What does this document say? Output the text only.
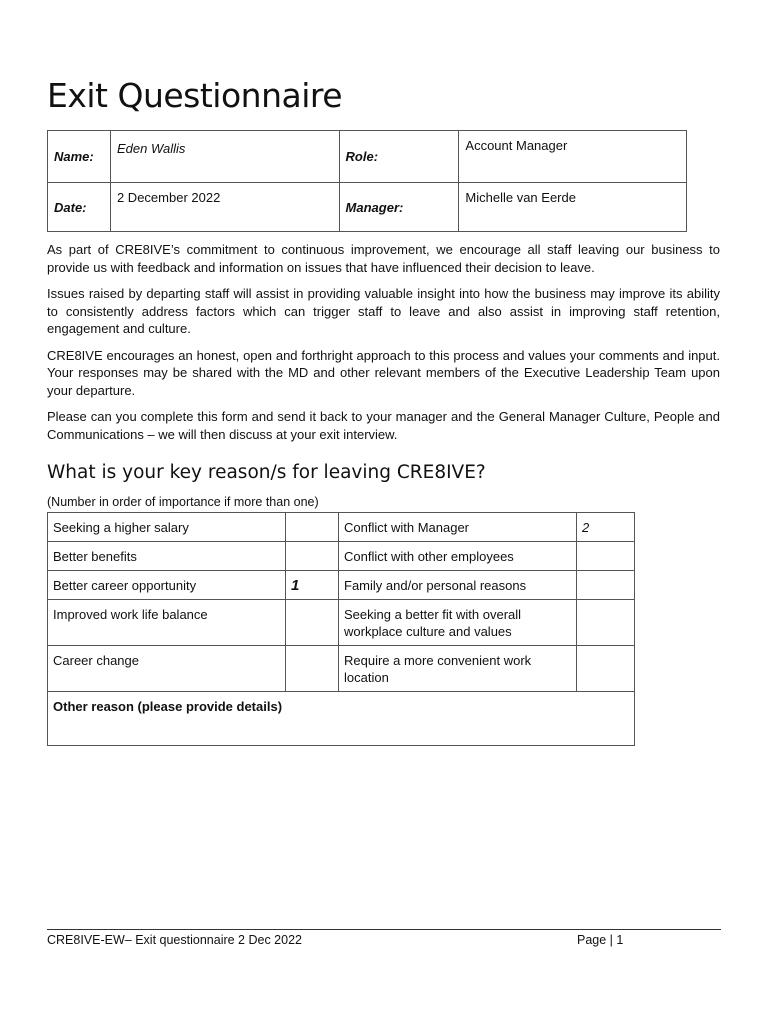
Exit Questionnaire
Name:	Eden Wallis	Role:	Account Manager
Date:	2 December 2022	Manager:	Michelle van Eerde

As part of CRE8IVE’s commitment to continuous improvement, we encourage all staff leaving our business to provide us with feedback and information on issues that have influenced their decision to leave.

Issues raised by departing staff will assist in providing valuable insight into how the business may improve its ability to consistently address factors which can trigger staff to leave and also assist in improving staff retention, engagement and culture.

CRE8IVE encourages an honest, open and forthright approach to this process and values your comments and input. Your responses may be shared with the MD and other relevant members of the Executive Leadership Team upon your departure.

Please can you complete this form and send it back to your manager and the General Manager Culture, People and Communications – we will then discuss at your exit interview.

What is your key reason/s for leaving CRE8IVE?
(Number in order of importance if more than one)
Seeking a higher salary		Conflict with Manager	2
Better benefits		Conflict with other employees	
Better career opportunity	1	Family and/or personal reasons	
Improved work life balance		Seeking a better fit with overall workplace culture and values	
Career change		Require a more convenient work location	
Other reason (please provide details)			
CRE8IVE-EW– Exit questionnaire 2 Dec 2022	Page | 1
